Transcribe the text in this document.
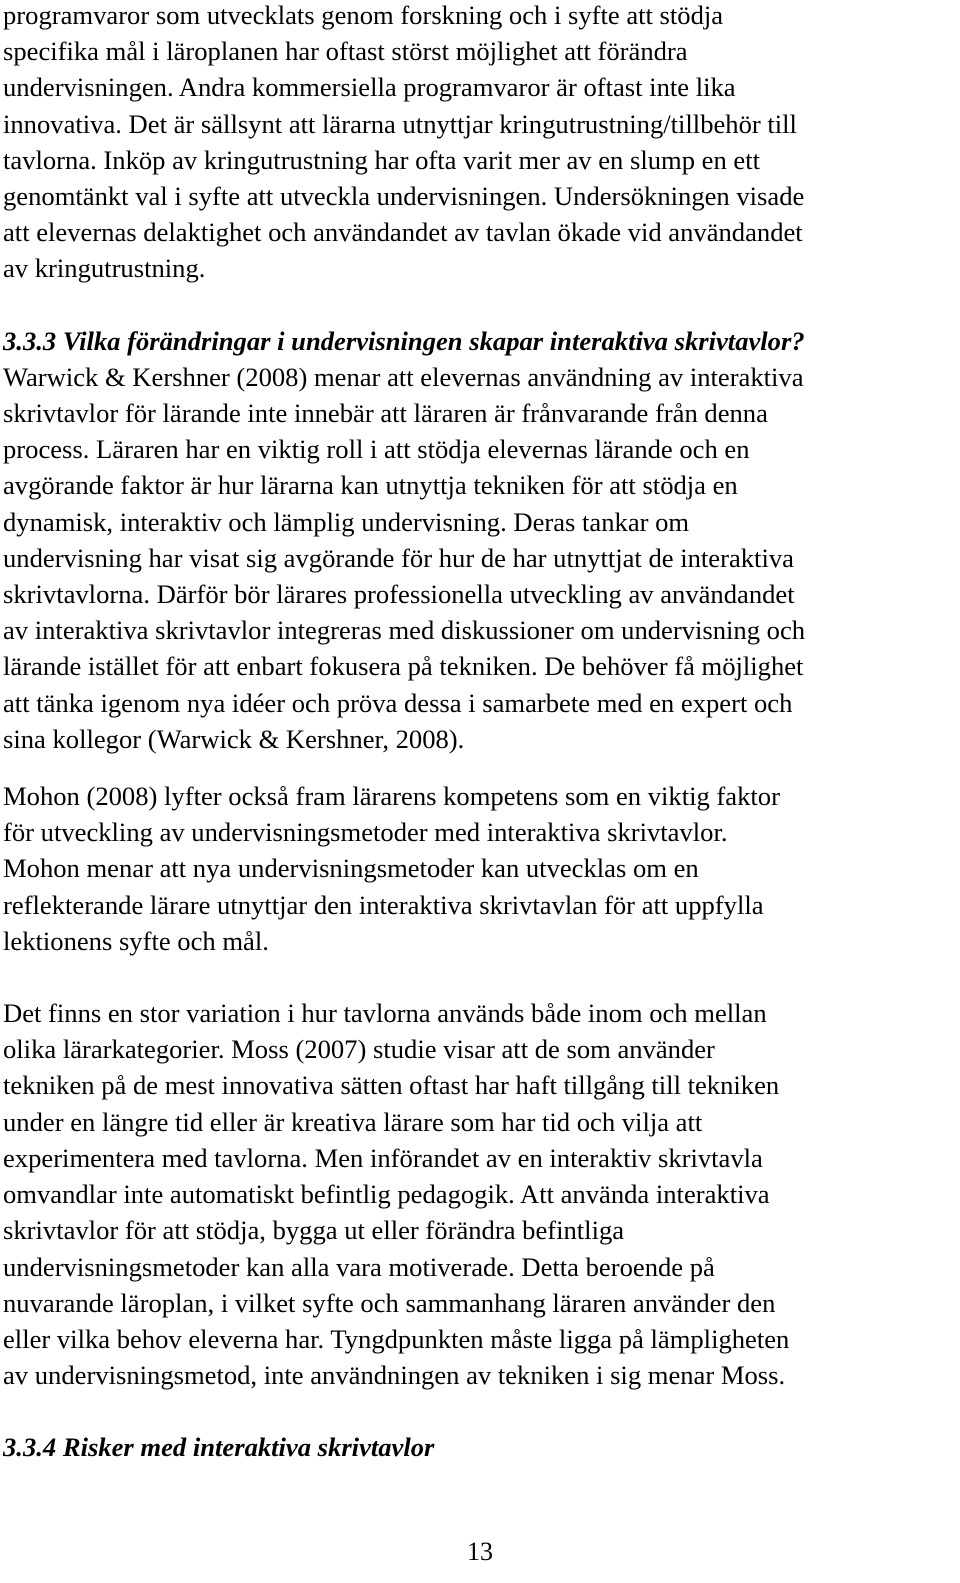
programvaror som utvecklats genom forskning och i syfte att stödja

specifika mål i läroplanen har oftast störst möjlighet att förändra

undervisningen. Andra kommersiella programvaror är oftast inte lika

innovativa. Det är sällsynt att lärarna utnyttjar kringutrustning/tillbehör till

tavlorna. Inköp av kringutrustning har ofta varit mer av en slump en ett

genomtänkt val i syfte att utveckla undervisningen. Undersökningen visade

att elevernas delaktighet och användandet av tavlan ökade vid användandet

av kringutrustning.

3.3.3 Vilka förändringar i undervisningen skapar interaktiva skrivtavlor?

Warwick & Kershner (2008) menar att elevernas användning av interaktiva

skrivtavlor för lärande inte innebär att läraren är frånvarande från denna

process. Läraren har en viktig roll i att stödja elevernas lärande och en

avgörande faktor är hur lärarna kan utnyttja tekniken för att stödja en

dynamisk, interaktiv och lämplig undervisning. Deras tankar om

undervisning har visat sig avgörande för hur de har utnyttjat de interaktiva

skrivtavlorna. Därför bör lärares professionella utveckling av användandet

av interaktiva skrivtavlor integreras med diskussioner om undervisning och

lärande istället för att enbart fokusera på tekniken. De behöver få möjlighet

att tänka igenom nya idéer och pröva dessa i samarbete med en expert och

sina kollegor (Warwick & Kershner, 2008).

Mohon (2008) lyfter också fram lärarens kompetens som en viktig faktor

för utveckling av undervisningsmetoder med interaktiva skrivtavlor.

Mohon menar att nya undervisningsmetoder kan utvecklas om en

reflekterande lärare utnyttjar den interaktiva skrivtavlan för att uppfylla

lektionens syfte och mål.

Det finns en stor variation i hur tavlorna används både inom och mellan

olika lärarkategorier. Moss (2007) studie visar att de som använder

tekniken på de mest innovativa sätten oftast har haft tillgång till tekniken

under en längre tid eller är kreativa lärare som har tid och vilja att

experimentera med tavlorna. Men införandet av en interaktiv skrivtavla

omvandlar inte automatiskt befintlig pedagogik. Att använda interaktiva

skrivtavlor för att stödja, bygga ut eller förändra befintliga

undervisningsmetoder kan alla vara motiverade. Detta beroende på

nuvarande läroplan, i vilket syfte och sammanhang läraren använder den

eller vilka behov eleverna har. Tyngdpunkten måste ligga på lämpligheten

av undervisningsmetod, inte användningen av tekniken i sig menar Moss.

3.3.4 Risker med interaktiva skrivtavlor
13
